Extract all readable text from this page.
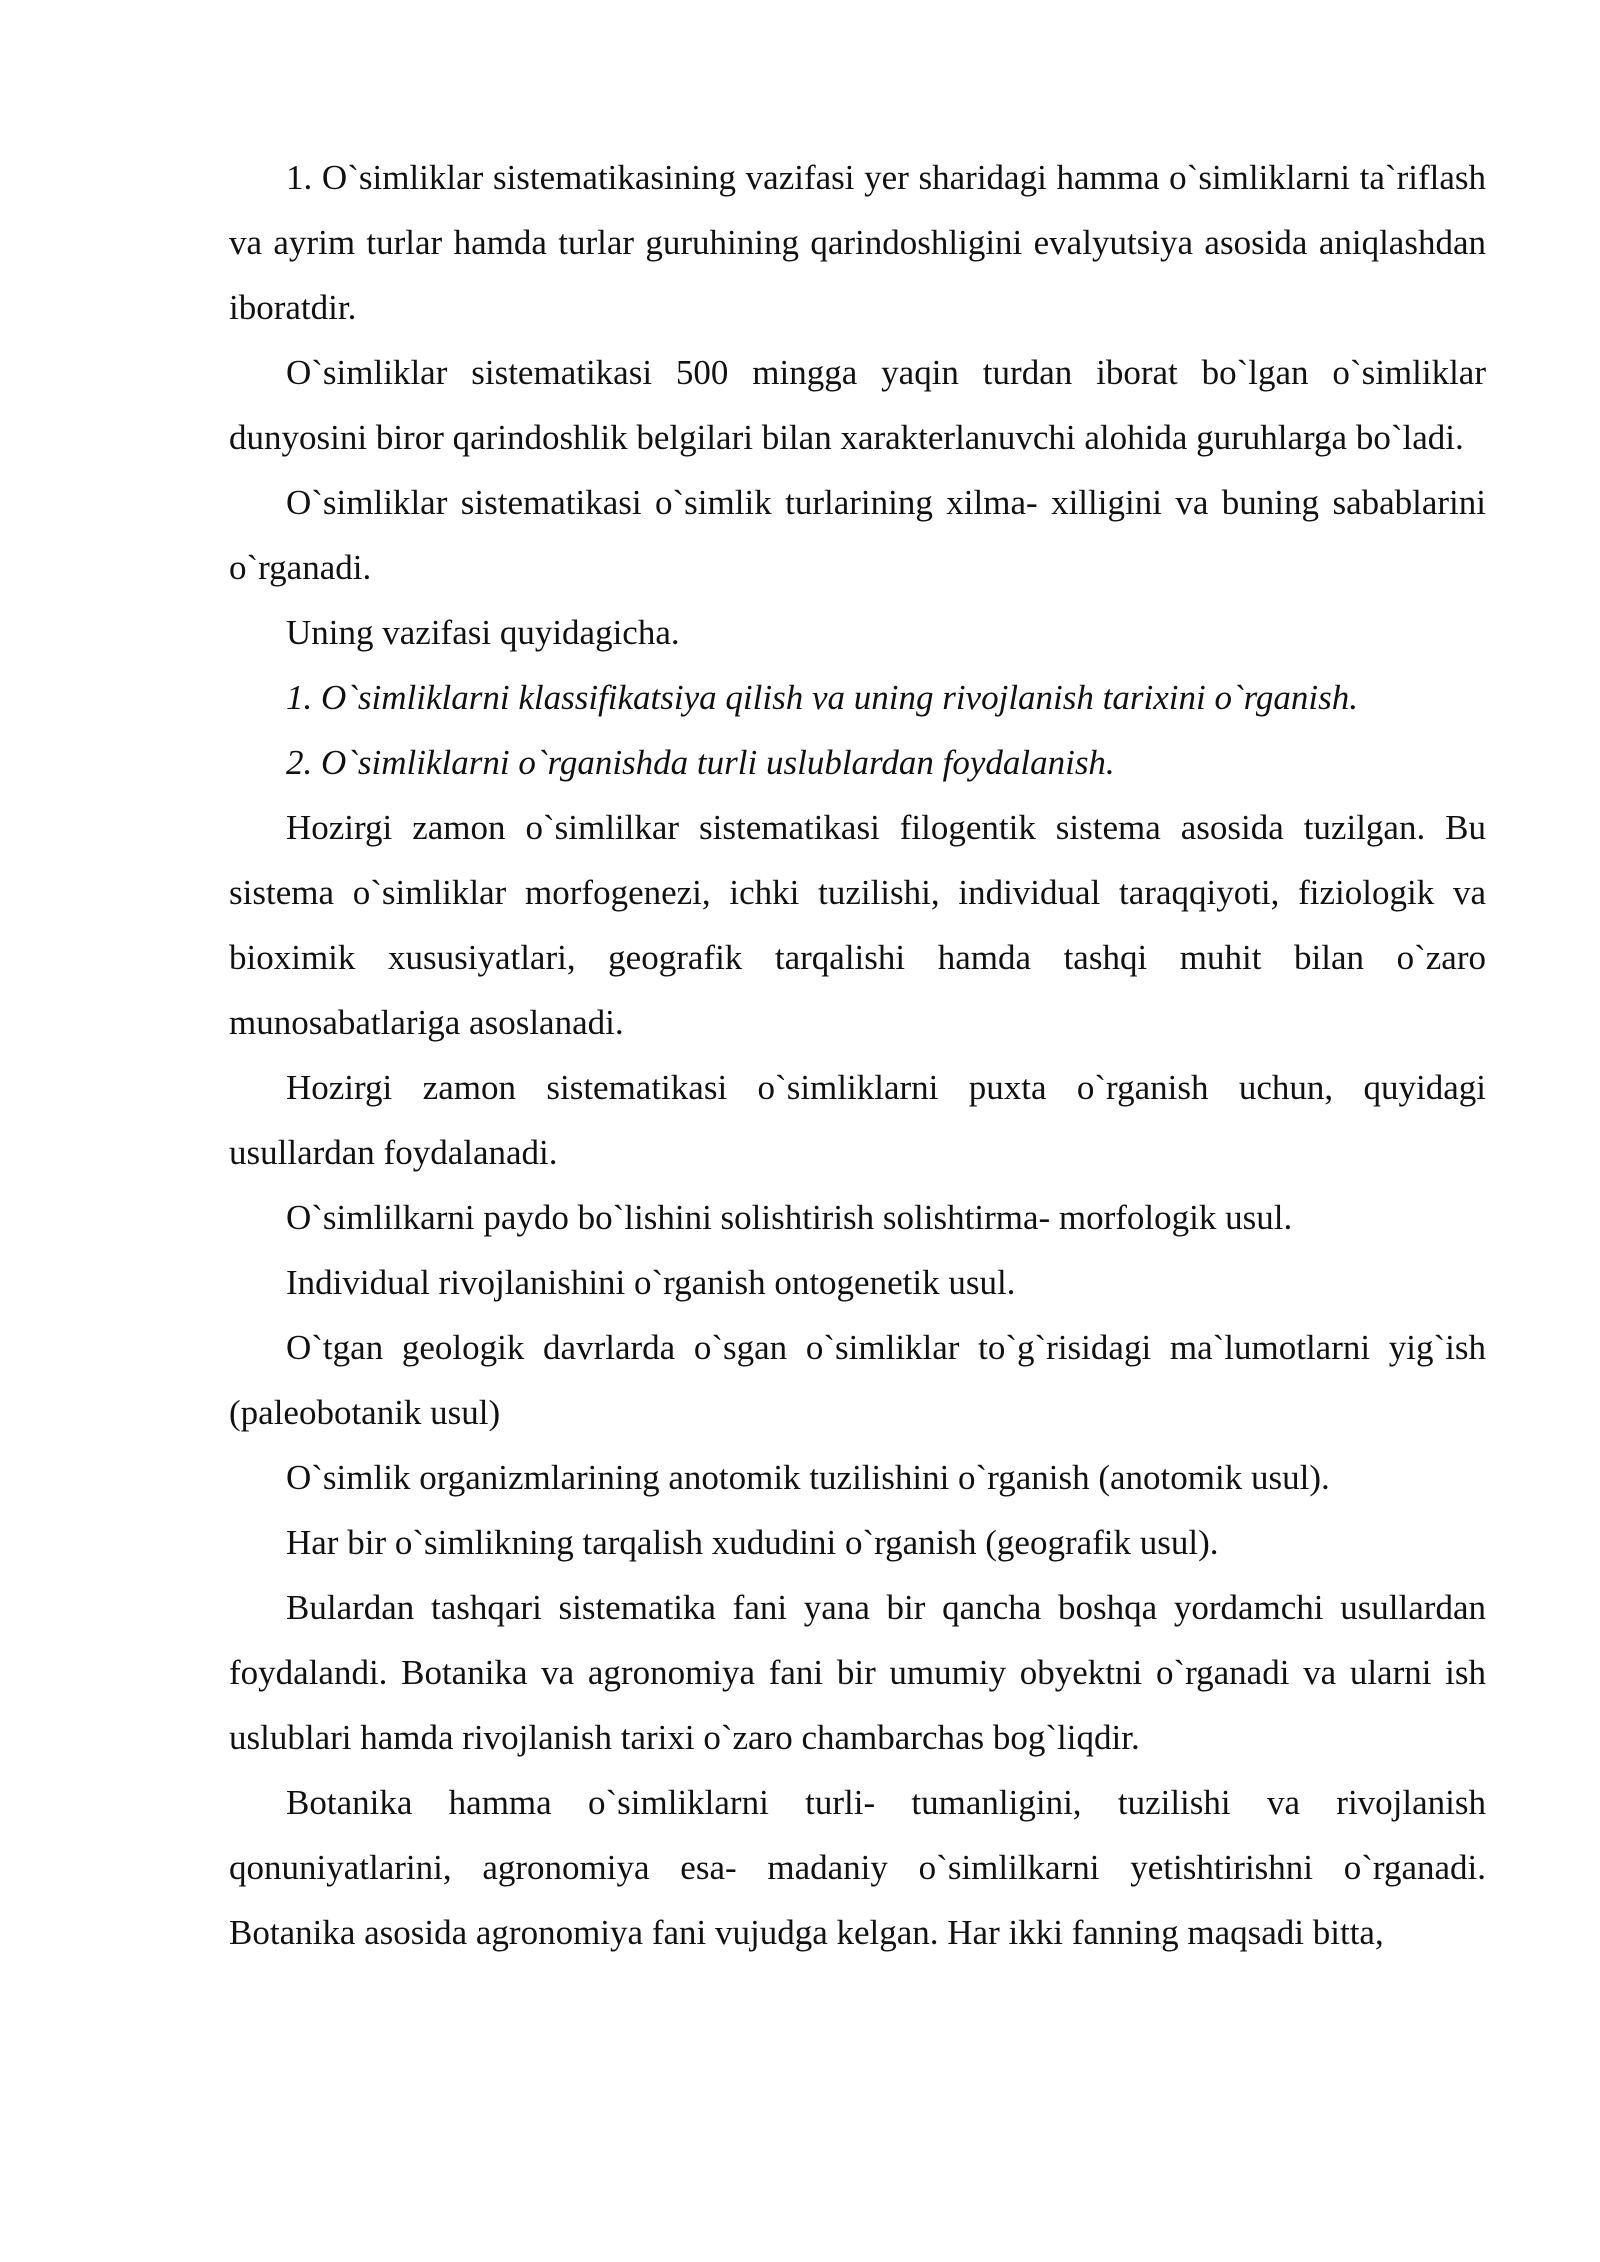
1. O`simliklar sistematikasining vazifasi yer sharidagi hamma o`simliklarni ta`riflash va ayrim turlar hamda turlar guruhining qarindoshligini evalyutsiya asosida aniqlashdan iboratdir.

O`simliklar sistematikasi 500 mingga yaqin turdan iborat bo`lgan o`simliklar dunyosini biror qarindoshlik belgilari bilan xarakterlanuvchi alohida guruhlarga bo`ladi.

O`simliklar sistematikasi o`simlik turlarining xilma- xilligini va buning sabablarini o`rganadi.

Uning vazifasi quyidagicha.

1. O`simliklarni klassifikatsiya qilish va uning rivojlanish tarixini o`rganish.

2. O`simliklarni o`rganishda turli uslublardan foydalanish.

Hozirgi zamon o`simlilkar sistematikasi filogentik sistema asosida tuzilgan. Bu sistema o`simliklar morfogenezi, ichki tuzilishi, individual taraqqiyoti, fiziologik va bioximik xususiyatlari, geografik tarqalishi hamda tashqi muhit bilan o`zaro munosabatlariga asoslanadi.

Hozirgi zamon sistematikasi o`simliklarni puxta o`rganish uchun, quyidagi usullardan foydalanadi.

O`simlilkarni paydo bo`lishini solishtirish solishtirma- morfologik usul.

Individual rivojlanishini o`rganish ontogenetik usul.

O`tgan geologik davrlarda o`sgan o`simliklar to`g`risidagi ma`lumotlarni yig`ish (paleobotanik usul)

O`simlik organizmlarining anotomik tuzilishini o`rganish (anotomik usul).

Har bir o`simlikning tarqalish xududini o`rganish (geografik usul).

Bulardan tashqari sistematika fani yana bir qancha boshqa yordamchi usullardan foydalandi. Botanika va agronomiya fani bir umumiy obyektni o`rganadi va ularni ish uslublari hamda rivojlanish tarixi o`zaro chambarchas bog`liqdir.

Botanika hamma o`simliklarni turli- tumanligini, tuzilishi va rivojlanish qonuniyatlarini, agronomiya esa- madaniy o`simlilkarni yetishtirishni o`rganadi. Botanika asosida agronomiya fani vujudga kelgan. Har ikki fanning maqsadi bitta,
